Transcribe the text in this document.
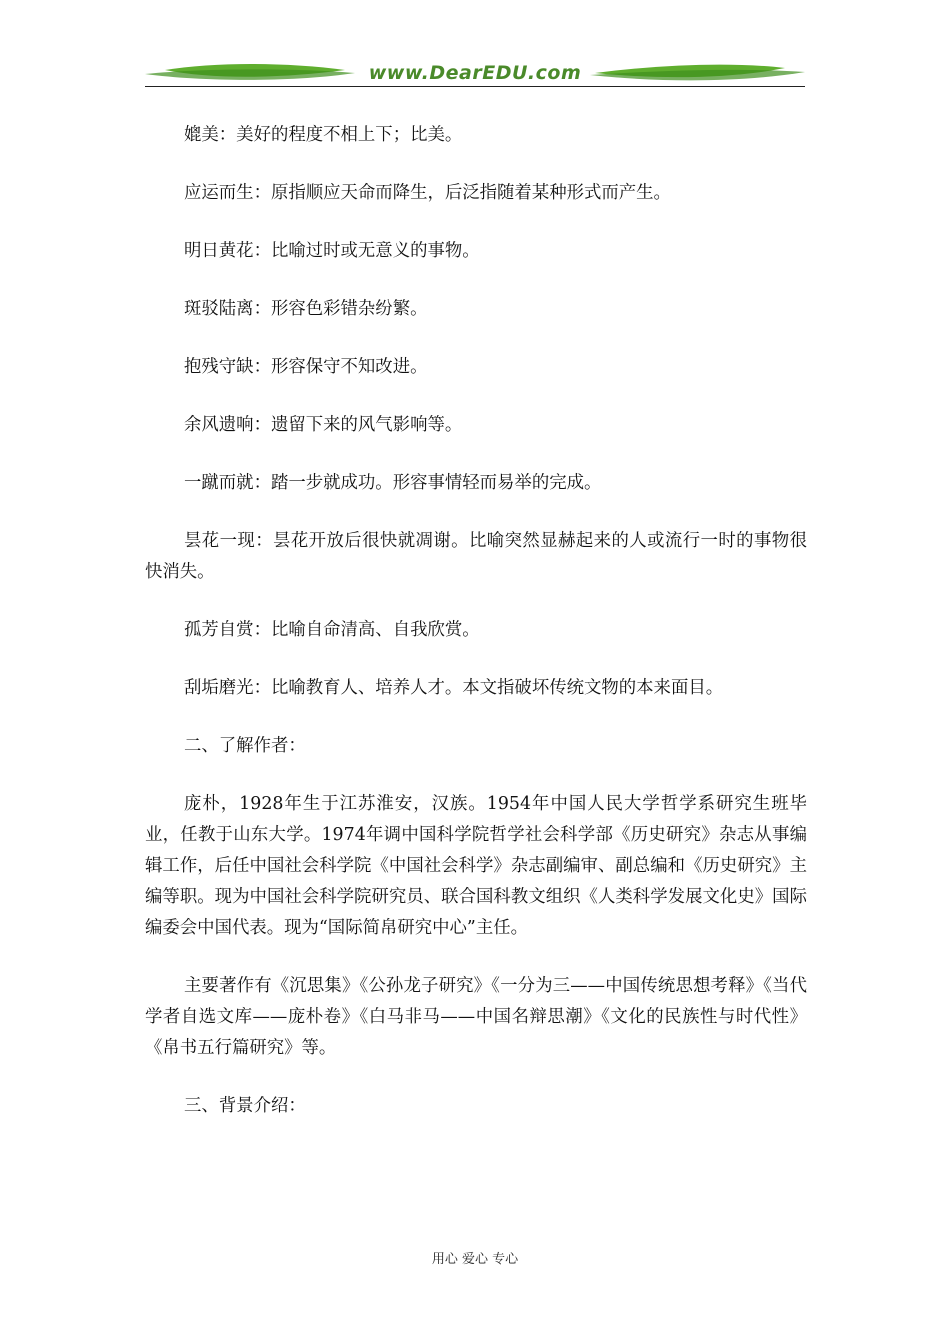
www.DearEDU.com

媲美：美好的程度不相上下；比美。

应运而生：原指顺应天命而降生，后泛指随着某种形式而产生。

明日黄花：比喻过时或无意义的事物。

斑驳陆离：形容色彩错杂纷繁。

抱残守缺：形容保守不知改进。

余风遗响：遗留下来的风气影响等。

一蹴而就：踏一步就成功。形容事情轻而易举的完成。

昙花一现：昙花开放后很快就凋谢。比喻突然显赫起来的人或流行一时的事物很快消失。

孤芳自赏：比喻自命清高、自我欣赏。

刮垢磨光：比喻教育人、培养人才。本文指破坏传统文物的本来面目。

二、了解作者：

庞朴，1928年生于江苏淮安，汉族。1954年中国人民大学哲学系研究生班毕业，任教于山东大学。1974年调中国科学院哲学社会科学部《历史研究》杂志从事编辑工作，后任中国社会科学院《中国社会科学》杂志副编审、副总编和《历史研究》主编等职。现为中国社会科学院研究员、联合国科教文组织《人类科学发展文化史》国际编委会中国代表。现为“国际简帛研究中心”主任。

主要著作有《沉思集》《公孙龙子研究》《一分为三——中国传统思想考释》《当代学者自选文库——庞朴卷》《白马非马——中国名辩思潮》《文化的民族性与时代性》《帛书五行篇研究》等。

三、背景介绍：

用心 爱心 专心
